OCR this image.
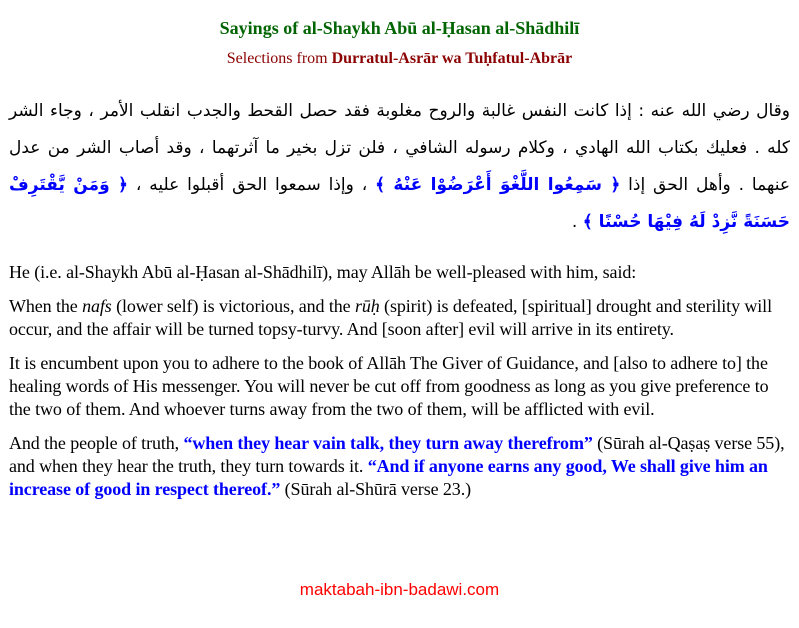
Sayings of al-Shaykh Abū al-Ḥasan al-Shādhilī
Selections from Durratul-Asrār wa Tuḥfatul-Abrār
وقال رضي الله عنه : إذا كانت النفس غالبة والروح مغلوبة فقد حصل القحط والجدب انقلب الأمر ، وجاء الشر كله . فعليك بكتاب الله الهادي ، وكلام رسوله الشافي ، فلن تزل بخير ما آثرتهما ، وقد أصاب الشر من عدل عنهما . وأهل الحق إذا ﴿ سَمِعُوا اللَّغْوَ أَعْرَضُوْا عَنْهُ ﴾ ، وإذا سمعوا الحق أقبلوا عليه ، ﴿ وَمَنْ يَّقْتَرِفْ حَسَنَةً نَّزِدْ لَهُ فِيْهَا حُسْنًا ﴾ .

He (i.e. al-Shaykh Abū al-Ḥasan al-Shādhilī), may Allāh be well-pleased with him, said:

When the nafs (lower self) is victorious, and the rūḥ (spirit) is defeated, [spiritual] drought and sterility will occur, and the affair will be turned topsy-turvy. And [soon after] evil will arrive in its entirety.

It is encumbent upon you to adhere to the book of Allāh The Giver of Guidance, and [also to adhere to] the healing words of His messenger. You will never be cut off from goodness as long as you give preference to the two of them. And whoever turns away from the two of them, will be afflicted with evil.

And the people of truth, “when they hear vain talk, they turn away therefrom” (Sūrah al-Qaṣaṣ verse 55), and when they hear the truth, they turn towards it. “And if anyone earns any good, We shall give him an increase of good in respect thereof.” (Sūrah al-Shūrā verse 23.)

maktabah-ibn-badawi.com
